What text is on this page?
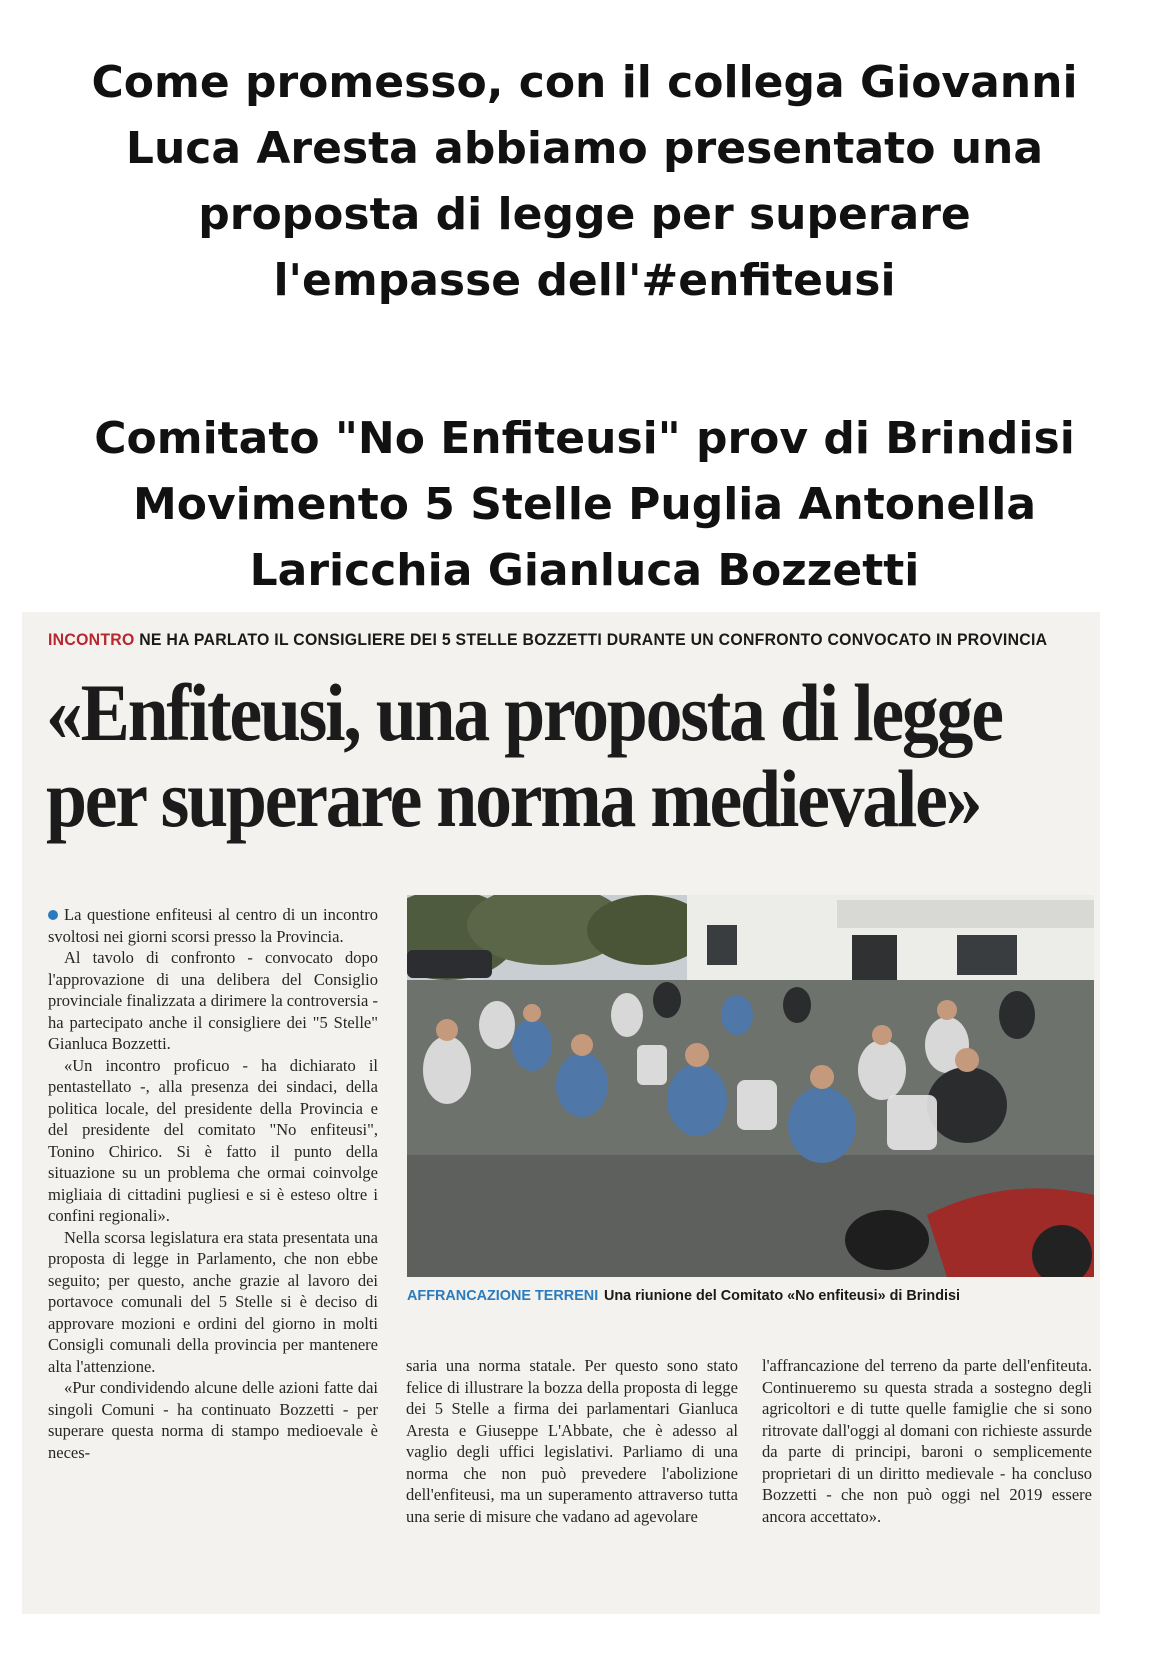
Come promesso, con il collega Giovanni
Luca Aresta abbiamo presentato una
proposta di legge per superare
l'empasse dell'#enfiteusi
Comitato "No Enfiteusi" prov di Brindisi
Movimento 5 Stelle Puglia Antonella
Laricchia Gianluca Bozzetti
INCONTRO NE HA PARLATO IL CONSIGLIERE DEI 5 STELLE BOZZETTI DURANTE UN CONFRONTO CONVOCATO IN PROVINCIA
«Enfiteusi, una proposta di legge
per superare norma medievale»

La questione enfiteusi al centro di un incontro svoltosi nei giorni scorsi presso la Provincia.

Al tavolo di confronto - convocato dopo l'approvazione di una delibera del Consiglio provinciale finalizzata a dirimere la controversia - ha partecipato anche il consigliere dei "5 Stelle" Gianluca Bozzetti.

«Un incontro proficuo - ha dichiarato il pentastellato -, alla presenza dei sindaci, della politica locale, del presidente della Provincia e del presidente del comitato "No enfiteusi", Tonino Chirico. Si è fatto il punto della situazione su un problema che ormai coinvolge migliaia di cittadini pugliesi e si è esteso oltre i confini regionali».

Nella scorsa legislatura era stata presentata una proposta di legge in Parlamento, che non ebbe seguito; per questo, anche grazie al lavoro dei portavoce comunali del 5 Stelle si è deciso di approvare mozioni e ordini del giorno in molti Consigli comunali della provincia per mantenere alta l'attenzione.

«Pur condividendo alcune delle azioni fatte dai singoli Comuni - ha continuato Bozzetti - per superare questa norma di stampo medioevale è neces-

AFFRANCAZIONE TERRENI Una riunione del Comitato «No enfiteusi» di Brindisi

saria una norma statale. Per questo sono stato felice di illustrare la bozza della proposta di legge dei 5 Stelle a firma dei parlamentari Gianluca Aresta e Giuseppe L'Abbate, che è adesso al vaglio degli uffici legislativi. Parliamo di una norma che non può prevedere l'abolizione dell'enfiteusi, ma un superamento attraverso tutta una serie di misure che vadano ad agevolare

l'affrancazione del terreno da parte dell'enfiteuta. Continueremo su questa strada a sostegno degli agricoltori e di tutte quelle famiglie che si sono ritrovate dall'oggi al domani con richieste assurde da parte di principi, baroni o semplicemente proprietari di un diritto medievale - ha concluso Bozzetti - che non può oggi nel 2019 essere ancora accettato».
